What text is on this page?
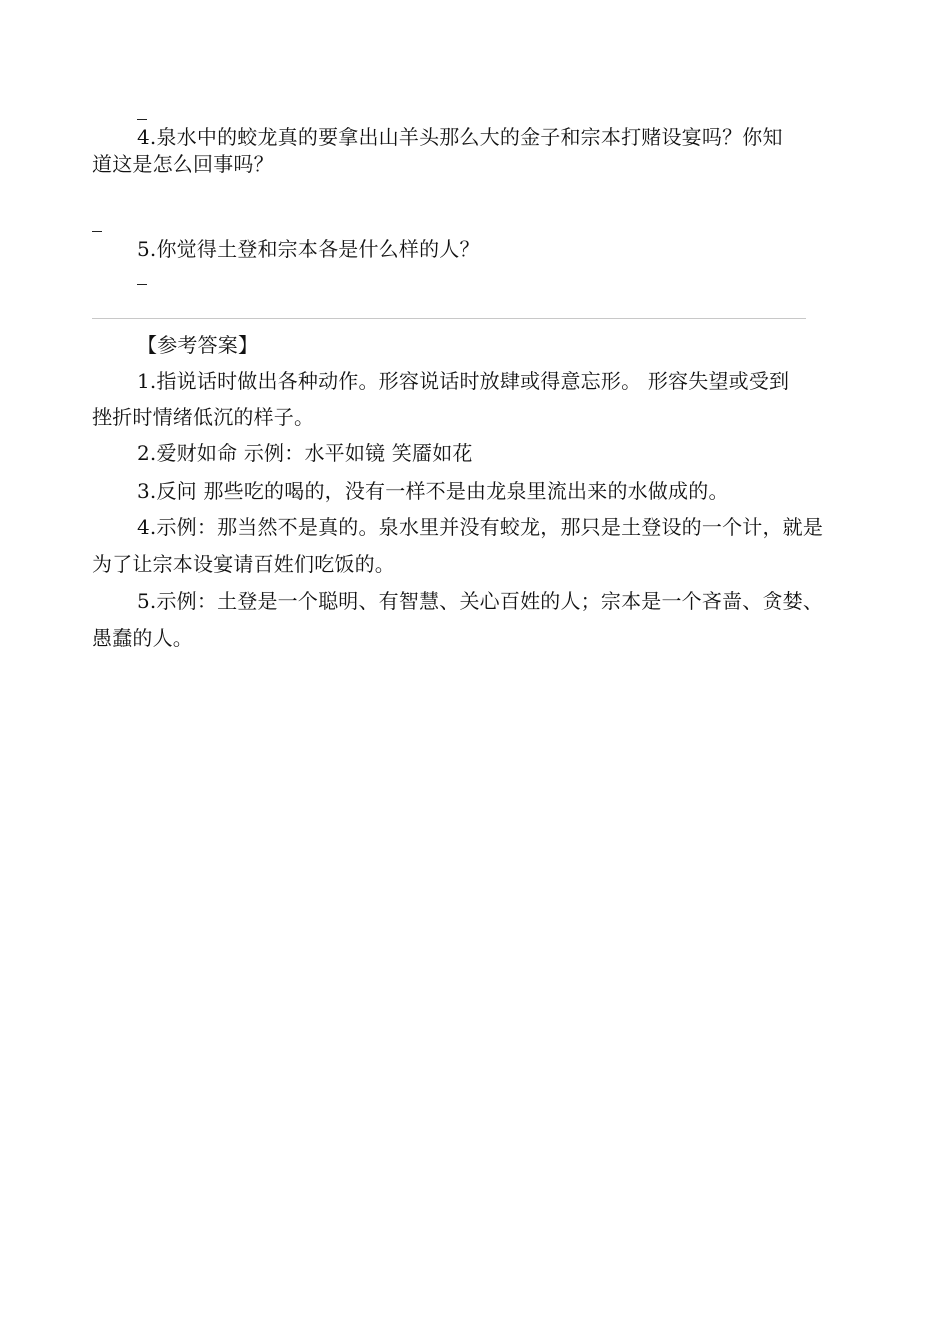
4.泉水中的蛟龙真的要拿出山羊头那么大的金子和宗本打赌设宴吗？你知
道这是怎么回事吗？
5.你觉得土登和宗本各是什么样的人？
【参考答案】
1.指说话时做出各种动作。形容说话时放肆或得意忘形。 形容失望或受到
挫折时情绪低沉的样子。
2.爱财如命 示例：水平如镜 笑靥如花
3.反问 那些吃的喝的，没有一样不是由龙泉里流出来的水做成的。
4.示例：那当然不是真的。泉水里并没有蛟龙，那只是土登设的一个计，就是
为了让宗本设宴请百姓们吃饭的。
5.示例：土登是一个聪明、有智慧、关心百姓的人；宗本是一个吝啬、贪婪、
愚蠢的人。
